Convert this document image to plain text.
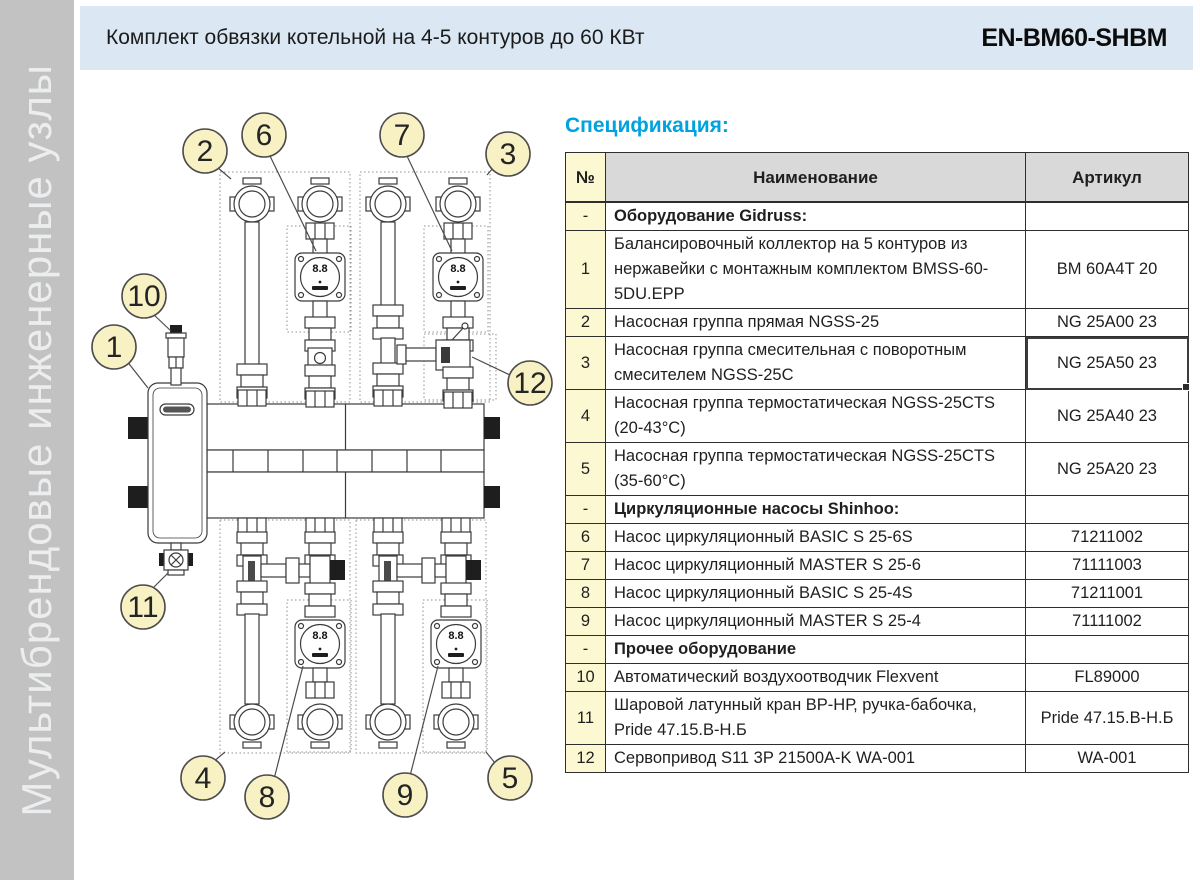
Мультибрендовые инженерные узлы
Комплект обвязки котельной на 4-5 контуров до 60 КВт	EN-BM60-SHBM
Спецификация:
№	Наименование	Артикул
-	Оборудование Gidruss:	
1	Балансировочный коллектор на 5 контуров из нержавейки с монтажным комплектом BMSS-60-5DU.EPP	BM 60A4T 20
2	Насосная группа прямая NGSS-25	NG 25A00 23
3	Насосная группа смесительная с поворотным смесителем NGSS-25C	NG 25A50 23
4	Насосная группа термостатическая NGSS-25CTS (20-43°C)	NG 25A40 23
5	Насосная группа термостатическая NGSS-25CTS (35-60°C)	NG 25A20 23
-	Циркуляционные насосы Shinhoo:	
6	Насос циркуляционный BASIC S 25-6S	71211002
7	Насос циркуляционный MASTER S 25-6	71111003
8	Насос циркуляционный BASIC S 25-4S	71211001
9	Насос циркуляционный MASTER S 25-4	71111002
-	Прочее оборудование	
10	Автоматический воздухоотводчик Flexvent	FL89000
11	Шаровой латунный кран ВР-НР, ручка-бабочка, Pride 47.15.В-Н.Б	Pride 47.15.В-Н.Б
12	Сервопривод S11 3P 21500A-K WA-001	WA-001
8.8	8.8
8.8	8.8
1
2	3
4	5
6	7
8	9
10
11
12
